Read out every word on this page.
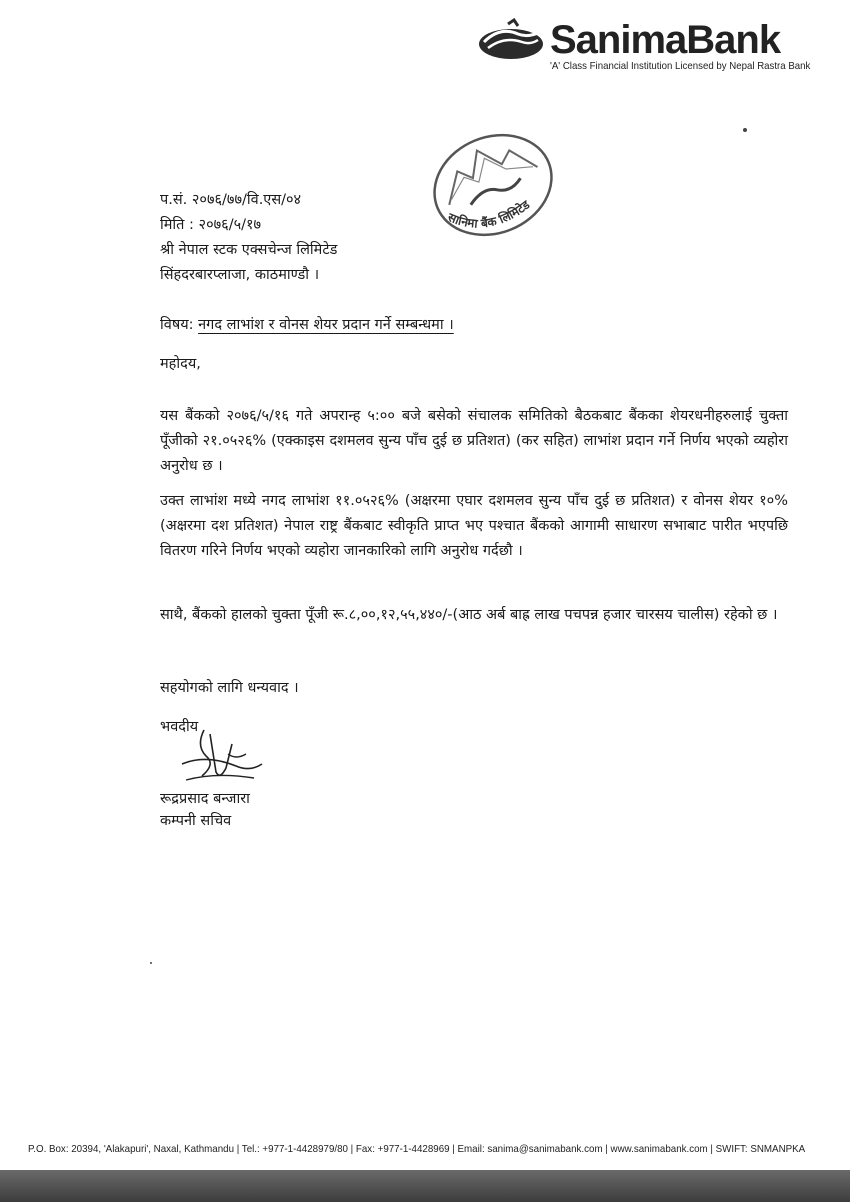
SanimaBank
'A' Class Financial Institution Licensed by Nepal Rastra Bank
सानिमा बैंक लिमिटेड
प.सं. २०७६/७७/वि.एस/०४
मिति : २०७६/५/१७
श्री नेपाल स्टक एक्सचेन्ज लिमिटेड
सिंहदरबारप्लाजा, काठमाण्डौ ।
विषय: नगद लाभांश र वोनस शेयर प्रदान गर्ने सम्बन्धमा ।
महोदय,
यस बैंकको २०७६/५/१६ गते अपरान्ह ५:०० बजे बसेको संचालक समितिको बैठकबाट बैंकका शेयरधनीहरुलाई चुक्ता पूँजीको २१.०५२६% (एक्काइस दशमलव सुन्य पाँच दुई छ प्रतिशत) (कर सहित) लाभांश प्रदान गर्ने निर्णय भएको व्यहोरा अनुरोध छ ।
उक्त लाभांश मध्ये नगद लाभांश ११.०५२६% (अक्षरमा एघार दशमलव सुन्य पाँच दुई छ प्रतिशत) र वोनस शेयर १०% (अक्षरमा दश प्रतिशत) नेपाल राष्ट्र बैंकबाट स्वीकृति प्राप्त भए पश्चात बैंकको आगामी साधारण सभाबाट पारीत भएपछि वितरण गरिने निर्णय भएको व्यहोरा जानकारिको लागि अनुरोध गर्दछौ ।
साथै, बैंकको हालको चुक्ता पूँजी रू.८,००,१२,५५,४४०/-(आठ अर्ब बाह्र लाख पचपन्न हजार चारसय चालीस) रहेको छ ।
सहयोगको लागि धन्यवाद ।
भवदीय
रूद्रप्रसाद बन्जारा
कम्पनी सचिव
P.O. Box: 20394, 'Alakapuri', Naxal, Kathmandu | Tel.: +977-1-4428979/80 | Fax: +977-1-4428969 | Email: sanima@sanimabank.com | www.sanimabank.com | SWIFT: SNMANPKA
